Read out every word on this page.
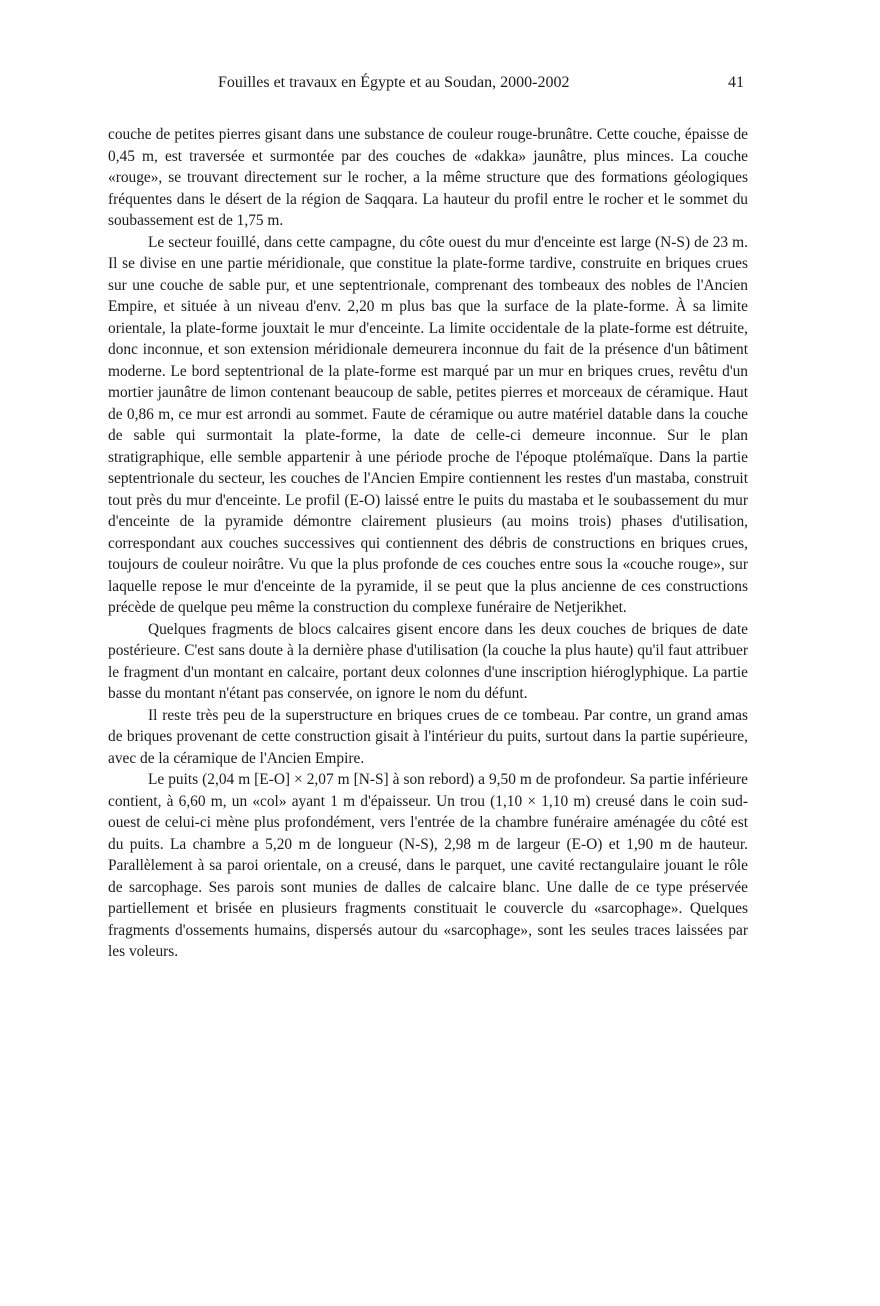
Fouilles et travaux en Égypte et au Soudan, 2000-2002	41

couche de petites pierres gisant dans une substance de couleur rouge-brunâtre. Cette couche, épaisse de 0,45 m, est traversée et surmontée par des couches de «dakka» jaunâtre, plus minces. La couche «rouge», se trouvant directement sur le rocher, a la même structure que des formations géologiques fréquentes dans le désert de la région de Saqqara. La hauteur du profil entre le rocher et le sommet du soubassement est de 1,75 m.

Le secteur fouillé, dans cette campagne, du côte ouest du mur d'enceinte est large (N-S) de 23 m. Il se divise en une partie méridionale, que constitue la plate-forme tardive, construite en briques crues sur une couche de sable pur, et une septentrionale, comprenant des tombeaux des nobles de l'Ancien Empire, et située à un niveau d'env. 2,20 m plus bas que la surface de la plate-forme. À sa limite orientale, la plate-forme jouxtait le mur d'enceinte. La limite occidentale de la plate-forme est détruite, donc inconnue, et son extension méridionale demeurera inconnue du fait de la présence d'un bâtiment moderne. Le bord septentrional de la plate-forme est marqué par un mur en briques crues, revêtu d'un mortier jaunâtre de limon contenant beaucoup de sable, petites pierres et morceaux de céramique. Haut de 0,86 m, ce mur est arrondi au sommet. Faute de céramique ou autre matériel datable dans la couche de sable qui surmontait la plate-forme, la date de celle-ci demeure inconnue. Sur le plan stratigraphique, elle semble appartenir à une période proche de l'époque ptolémaïque. Dans la partie septentrionale du secteur, les couches de l'Ancien Empire contiennent les restes d'un mastaba, construit tout près du mur d'enceinte. Le profil (E-O) laissé entre le puits du mastaba et le soubassement du mur d'enceinte de la pyramide démontre clairement plusieurs (au moins trois) phases d'utilisation, correspondant aux couches successives qui contiennent des débris de constructions en briques crues, toujours de couleur noirâtre. Vu que la plus profonde de ces couches entre sous la «couche rouge», sur laquelle repose le mur d'enceinte de la pyramide, il se peut que la plus ancienne de ces constructions précède de quelque peu même la construction du complexe funéraire de Netjerikhet.

Quelques fragments de blocs calcaires gisent encore dans les deux couches de briques de date postérieure. C'est sans doute à la dernière phase d'utilisation (la couche la plus haute) qu'il faut attribuer le fragment d'un montant en calcaire, portant deux colonnes d'une inscription hiéroglyphique. La partie basse du montant n'étant pas conservée, on ignore le nom du défunt.

Il reste très peu de la superstructure en briques crues de ce tombeau. Par contre, un grand amas de briques provenant de cette construction gisait à l'intérieur du puits, surtout dans la partie supérieure, avec de la céramique de l'Ancien Empire.

Le puits (2,04 m [E-O] × 2,07 m [N-S] à son rebord) a 9,50 m de profondeur. Sa partie inférieure contient, à 6,60 m, un «col» ayant 1 m d'épaisseur. Un trou (1,10 × 1,10 m) creusé dans le coin sud-ouest de celui-ci mène plus profondément, vers l'entrée de la chambre funéraire aménagée du côté est du puits. La chambre a 5,20 m de longueur (N-S), 2,98 m de largeur (E-O) et 1,90 m de hauteur. Parallèlement à sa paroi orientale, on a creusé, dans le parquet, une cavité rectangulaire jouant le rôle de sarcophage. Ses parois sont munies de dalles de calcaire blanc. Une dalle de ce type préservée partiellement et brisée en plusieurs fragments constituait le couvercle du «sarcophage». Quelques fragments d'ossements humains, dispersés autour du «sarcophage», sont les seules traces laissées par les voleurs.
